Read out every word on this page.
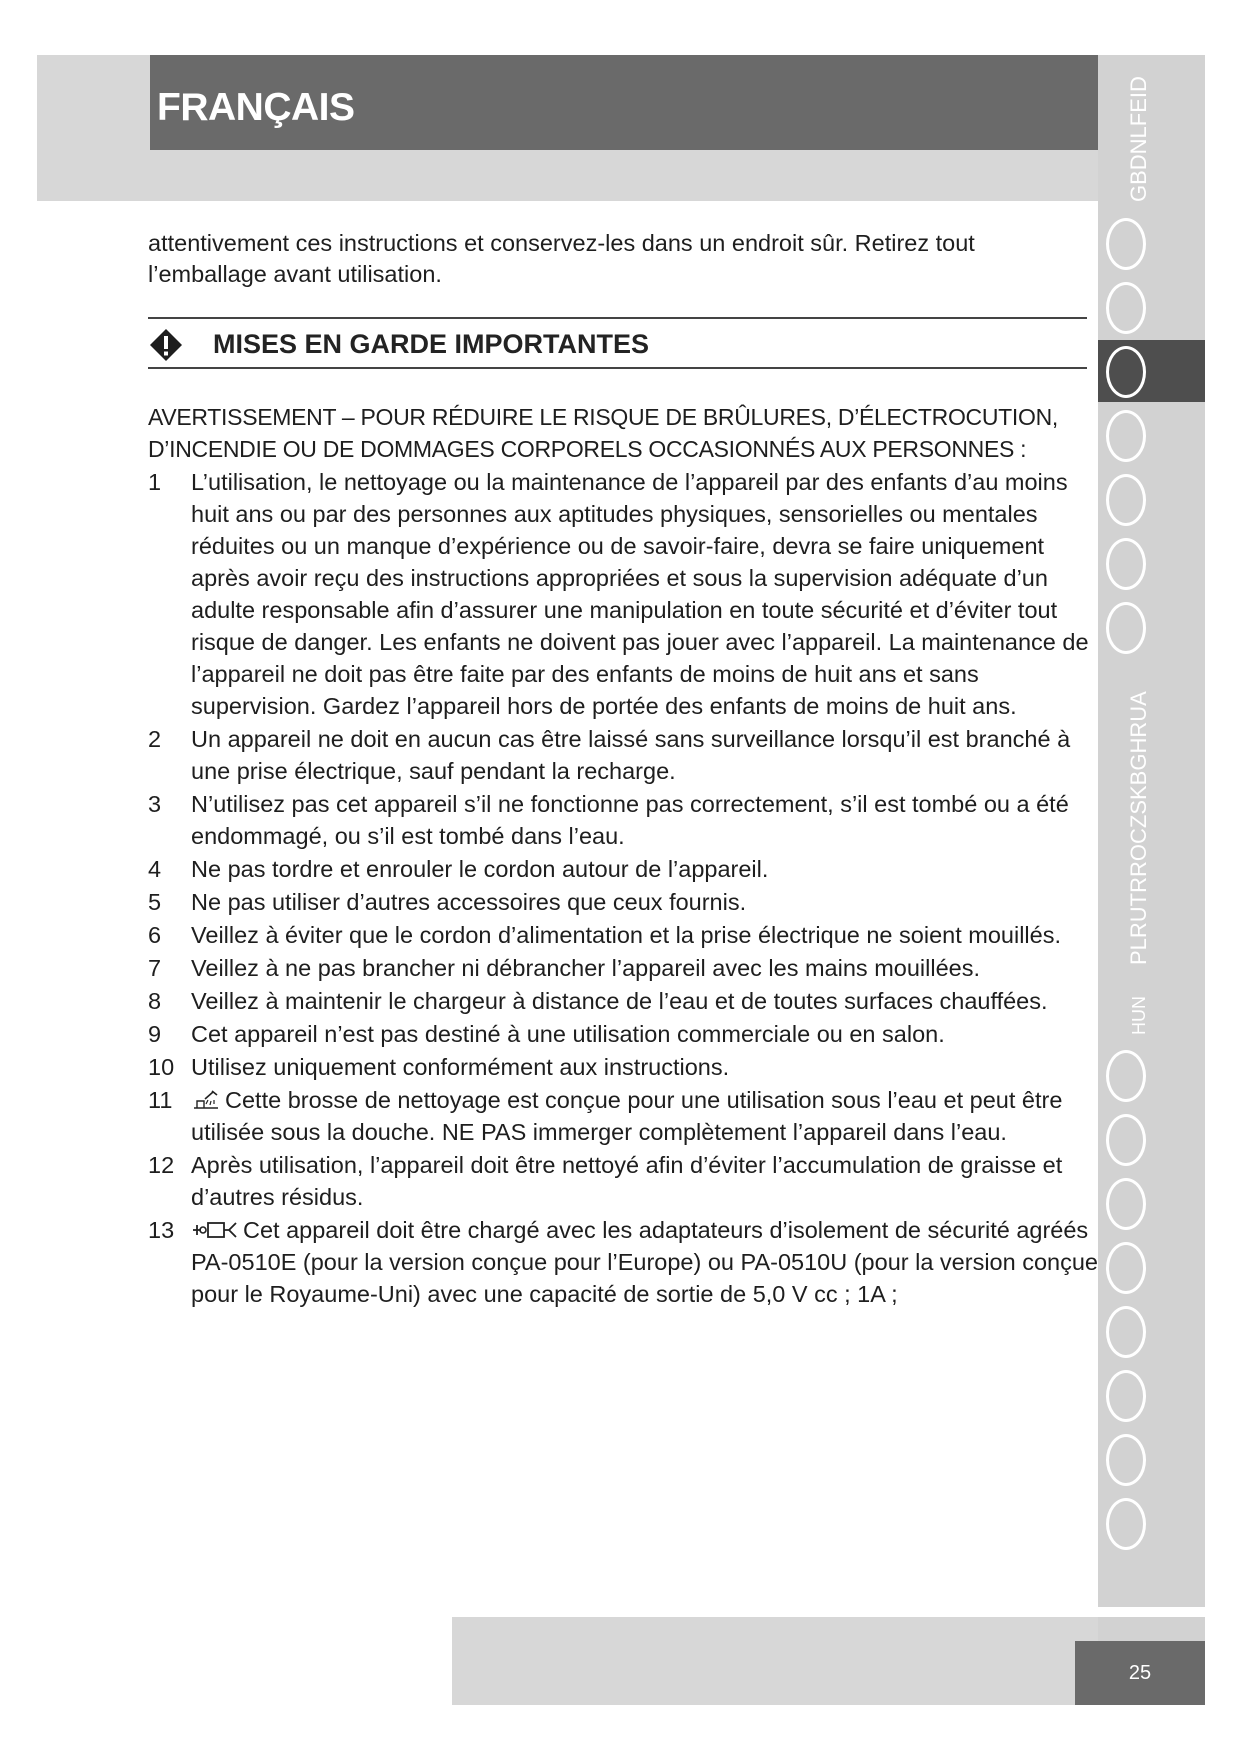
FRANÇAIS	GBDNLFEID
PLRUTRROCZSKBGHRUA
HUN
25

attentivement ces instructions et conservez-les dans un endroit sûr. Retirez tout l’emballage avant utilisation.

MISES EN GARDE IMPORTANTES

AVERTISSEMENT – POUR RÉDUIRE LE RISQUE DE BRÛLURES, D’ÉLECTROCUTION, D’INCENDIE OU DE DOMMAGES CORPORELS OCCASIONNÉS AUX PERSONNES :

1 L’utilisation, le nettoyage ou la maintenance de l’appareil par des enfants d’au moins huit ans ou par des personnes aux aptitudes physiques, sensorielles ou mentales réduites ou un manque d’expérience ou de savoir-faire, devra se faire uniquement après avoir reçu des instructions appropriées et sous la supervision adéquate d’un adulte responsable afin d’assurer une manipulation en toute sécurité et d’éviter tout risque de danger. Les enfants ne doivent pas jouer avec l’appareil. La maintenance de l’appareil ne doit pas être faite par des enfants de moins de huit ans et sans supervision. Gardez l’appareil hors de portée des enfants de moins de huit ans.
2 Un appareil ne doit en aucun cas être laissé sans surveillance lorsqu’il est branché à une prise électrique, sauf pendant la recharge.
3 N’utilisez pas cet appareil s’il ne fonctionne pas correctement, s’il est tombé ou a été endommagé, ou s’il est tombé dans l’eau.
4 Ne pas tordre et enrouler le cordon autour de l’appareil.
5 Ne pas utiliser d’autres accessoires que ceux fournis.
6 Veillez à éviter que le cordon d’alimentation et la prise électrique ne soient mouillés.
7 Veillez à ne pas brancher ni débrancher l’appareil avec les mains mouillées.
8 Veillez à maintenir le chargeur à distance de l’eau et de toutes surfaces chauffées.
9 Cet appareil n’est pas destiné à une utilisation commerciale ou en salon.
10 Utilisez uniquement conformément aux instructions.
11 Cette brosse de nettoyage est conçue pour une utilisation sous l’eau et peut être utilisée sous la douche. NE PAS immerger complètement l’appareil dans l’eau.
12 Après utilisation, l’appareil doit être nettoyé afin d’éviter l’accumulation de graisse et d’autres résidus.
13	Cet appareil doit être chargé avec les adaptateurs d’isolement de sécurité agréés PA-0510E (pour la version conçue pour l’Europe) ou PA-0510U (pour la version conçue pour le Royaume-Uni) avec une capacité de sortie de 5,0 V cc ; 1A ;
